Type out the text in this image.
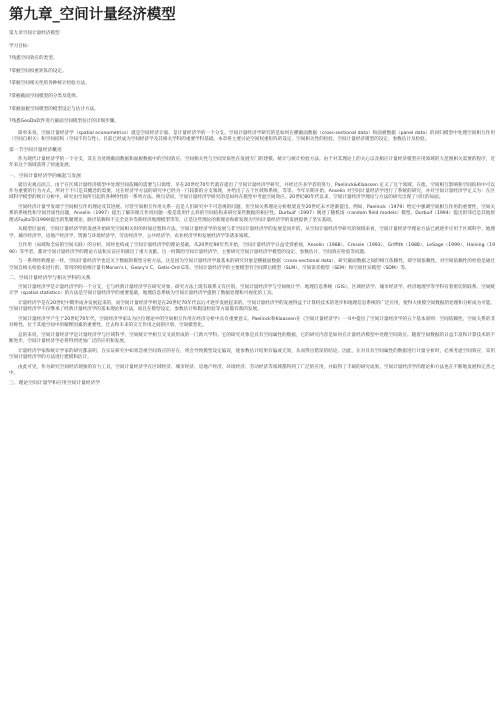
第九章_空间计量经济模型
第九章空间计量经济模型
学习目标:
?熟悉空间效应的类型。
?掌握空间权重矩阵的设定。
?掌握空间相关性的各种统计检验方法。
?掌握截面空间模型的分类及选择。
?掌握面板空间模型的模型设定与估计方法。
?熟悉GeoDa软件进行截面空间模型估计的详细步骤。

简单来说，空间计量经济学（spatial econometrics）就是空间经济计量。是计量经济学的一个分支。空间计量经济学研究的是如何在横截面数据（cross-sectional data）和面板数据（panel data）的回归模型中处理空间相互作用（空间自相关）和空间结构（空间不均匀性）。目前已经成为空间经济学及其相关学科的重要学科基础。本章将主要讨论空间权重矩阵的设定、空间相关性的检验、空间计量经济模型的设定、参数估计及检验。

第一节空间计量经济概述

作为现代计量经济学的一个分支，其在为处理截面数据和面板数据中的空间效应。空间相关性与空间异质性在发展专门的建模、统计与统计检验方法。由于对其理论上的关心以及相应计量经济模型应用领域的大范围相关需要的程序，近年来这个领域获得了快速发展。

一、空间计量经济学的崛起与发展

就历史观点而言，由于在区域计量经济模型中处理空间依赖的需要与日俱增，早在20世纪70年代就有提出了空间计量经济学研究，并经过许多学者的努力，Paelinck&Klaassen 定义了这个领域。在他、空间相互影响和空间结构中可以作为重要的行为方式，所对于不只是其概念的需要，这在经济学方法的研究中已经为一门较新的分支领域，并给出了五个区域和系统，等等。今年早期开始。Anselin 对空间计量经济学进行了系统的研究，并对空间计量经济学定义为：在区域科学模型的统计分析中，研究由空间所引起的各种特性的一系列方法。换句话说，空间计量经济学研究的是如何在模型中考虑空间效应。20世纪80年代以来，空间计量经济学理论与方法的研究出现了兴旺的局面。

空间经济计量学发端于空间相互作用理论及其进展。尽管空间相互作用关系一直是人们研究中不可忽视的问题，但空间关系理论分析框架直至20世纪末才逐渐提出。例如，Paelinck（1979）给定中强调空间相互作用的重要性，空间关系的系统性和空间异质性问题，Anselin（1997）提出了解决相互作用问题一般是选用什么样的空间结构来研究某些数据的相应性。Durbuif（1997）阐述了随机场（random field models）模型。Durbuif（1994）提出的邻近是其他原理式Fujita等(1999)提出的集聚理论，路径依赖和不完全竞争等新经济地理模型等等，正是这些理论的新理论和新发现为空间计量经济学的发展提供了坚实基础。

从模型层面看，空间计量经济学的发展开始研究空间相关时的时间过程和方法。空间计量经济学的发展与非空间计量经济学的发展是同步的。从空间计量经济学研究的领域来看，空间计量经济学理论方法已被逐步应用于区域科学、地理学、城市经济学、房地产经济学、资源与环境经济学、劳动经济学、公共经济学、农业经济学和发展经济学等诸多领域。

互作用（局域和全局的空间关联）的分析，同时也构成了空间计量经济学的理论基础。从20世纪90年代开始，空间计量经济学日益受到重视，Anselin（1988）、Cressie（1993）、Griffith（1988）、LeSage（1999）、Haining（1990）等学者，都对空间计量经济学的理论方法和实证应用做出了重大贡献。这一时期的空间计量经济学，主要研究空间计量经济学模型的设定、参数估计、空间效应检验等问题。

与一系列经典理论一样，空间计量经济学也是关于数据的模型分析方法。这是因为空间计量经济学最基本的研究对象是横截面数据（cross-sectional data），研究截面数据之间的相互依赖性，即空间依赖性。对空间依赖性的检验是通过空间自相关检验来进行的，常用的检验统计量有Moran's I、Geary's C、Getis-Ord G等。空间计量经济学的主要模型有空间滞后模型（SLM）、空间误差模型（SEM）和空间杜宾模型（SDM）等。

二、空间计量经济学与相关学科的关系

空间计量经济学是计量经济学的一个分支，它与经典计量经济学在研究对象、研究方法上既有联系又有区别。空间计量经济学与空间统计学、地理信息系统（GIS）、区域经济学、城市经济学、经济地理学等学科有着密切的联系。空间统计学（spatial statistics）的方法是空间计量经济学的重要基础，地理信息系统为空间计量经济学提供了数据处理和可视化的工具。

计量经济学是在20世纪中期形成并发展起来的，而空间计量经济学则是在20世纪70年代以后才逐步发展起来的。空间计量经济学的发展得益于计算机技术的进步和地理信息系统的广泛应用，使得大规模空间数据的处理和分析成为可能。空间计量经济学不仅继承了经典计量经济学的基本理论和方法，而且在模型设定、参数估计和假设检验等方面都有新的发展。

空间计量经济学产生于20世纪70年代，空间经济学家认为区位理论中的空间相互作用在经济分析中具有重要意义。Paelinck和Klaassen在《空间计量经济学》一书中提出了空间计量经济学的五个基本原则：空间依赖性、空间关系的非对称性、位于其他空间中的解释因素的重要性、过去和未来的交互作用之间的区别、空间模型化。

总的来说，空间计量经济学是计量经济学与区域科学、空间统计学相互交叉而形成的一门新兴学科。它的研究对象是具有空间属性的数据，它的研究内容是如何在计量经济模型中处理空间效应。随着空间数据的日益丰富和计算技术的不断进步，空间计量经济学必将得到更加广泛的应用和发展。

计量经济学家和统计学家的研究都表明，在实证研究中如果忽视空间效应的存在，将会导致模型设定偏误，使参数估计结果有偏或无效，从而得出错误的结论。因此，在对具有空间属性的数据进行计量分析时，必须考虑空间效应，采用空间计量经济学的方法进行建模和估计。

由此可见，作为研究空间经济现象的有力工具，空间计量经济学在区域经济、城市经济、房地产经济、环境经济、劳动经济等领域都得到了广泛的应用，并取得了丰硕的研究成果。空间计量经济学的理论和方法也在不断地发展和完善之中。

三、理论空间计量学和应用空间计量经济学
